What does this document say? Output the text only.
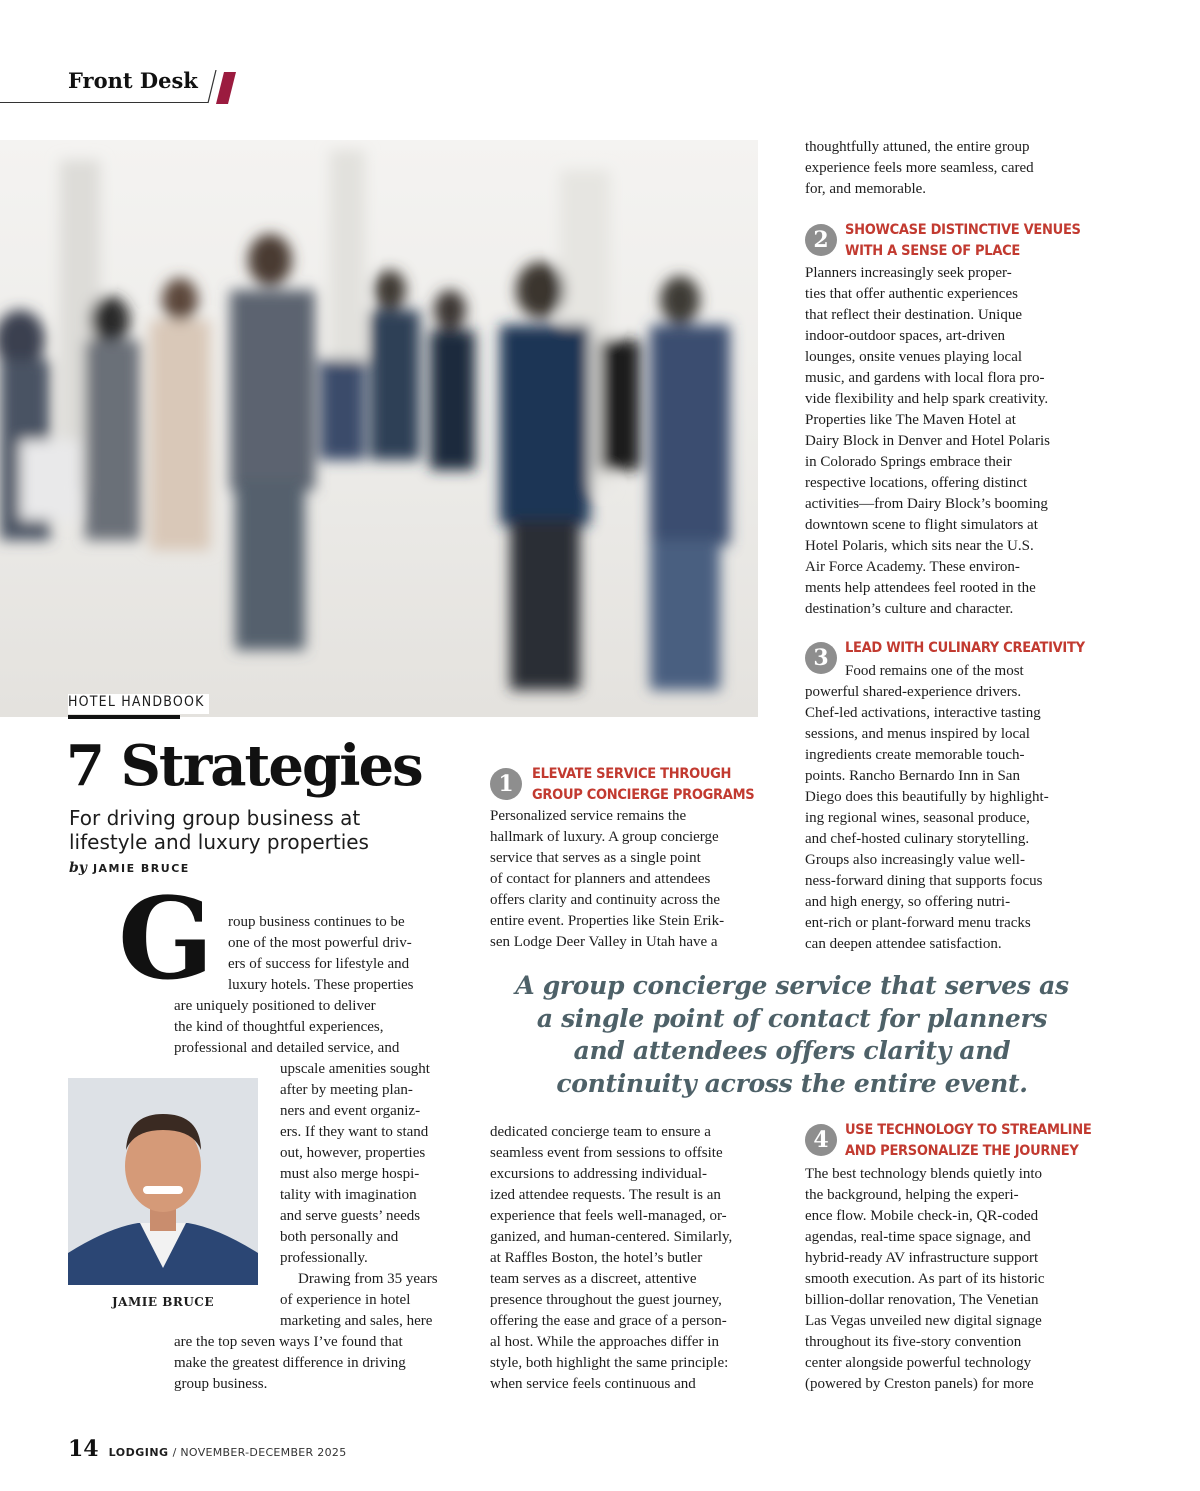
Front Desk
HOTEL HANDBOOK
7 Strategies
For driving group business at
lifestyle and luxury properties
by JAMIE BRUCE
G roup business continues to be
one of the most powerful driv-
ers of success for lifestyle and
luxury hotels. These properties
are uniquely positioned to deliver
the kind of thoughtful experiences,
professional and detailed service, and
upscale amenities sought
after by meeting plan-
ners and event organiz-
ers. If they want to stand
out, however, properties
must also merge hospi-
tality with imagination
and serve guests’ needs
both personally and
professionally.
Drawing from 35 years
of experience in hotel
marketing and sales, here
are the top seven ways I’ve found that
make the greatest difference in driving
group business.
JAMIE BRUCE
1	ELEVATE SERVICE THROUGH
GROUP CONCIERGE PROGRAMS
Personalized service remains the
hallmark of luxury. A group concierge
service that serves as a single point
of contact for planners and attendees
offers clarity and continuity across the
entire event. Properties like Stein Erik-
sen Lodge Deer Valley in Utah have a
dedicated concierge team to ensure a
seamless event from sessions to offsite
excursions to addressing individual-
ized attendee requests. The result is an
experience that feels well-managed, or-
ganized, and human-centered. Similarly,
at Raffles Boston, the hotel’s butler
team serves as a discreet, attentive
presence throughout the guest journey,
offering the ease and grace of a person-
al host. While the approaches differ in
style, both highlight the same principle:
when service feels continuous and
thoughtfully attuned, the entire group
experience feels more seamless, cared
for, and memorable.
2	SHOWCASE DISTINCTIVE VENUES
WITH A SENSE OF PLACE
Planners increasingly seek proper-
ties that offer authentic experiences
that reflect their destination. Unique
indoor-outdoor spaces, art-driven
lounges, onsite venues playing local
music, and gardens with local flora pro-
vide flexibility and help spark creativity.
Properties like The Maven Hotel at
Dairy Block in Denver and Hotel Polaris
in Colorado Springs embrace their
respective locations, offering distinct
activities—from Dairy Block’s booming
downtown scene to flight simulators at
Hotel Polaris, which sits near the U.S.
Air Force Academy. These environ-
ments help attendees feel rooted in the
destination’s culture and character.
3	LEAD WITH CULINARY CREATIVITY
Food remains one of the most
powerful shared-experience drivers.
Chef-led activations, interactive tasting
sessions, and menus inspired by local
ingredients create memorable touch-
points. Rancho Bernardo Inn in San
Diego does this beautifully by highlight-
ing regional wines, seasonal produce,
and chef-hosted culinary storytelling.
Groups also increasingly value well-
ness-forward dining that supports focus
and high energy, so offering nutri-
ent-rich or plant-forward menu tracks
can deepen attendee satisfaction.
4	USE TECHNOLOGY TO STREAMLINE
AND PERSONALIZE THE JOURNEY
The best technology blends quietly into
the background, helping the experi-
ence flow. Mobile check-in, QR-coded
agendas, real-time space signage, and
hybrid-ready AV infrastructure support
smooth execution. As part of its historic
billion-dollar renovation, The Venetian
Las Vegas unveiled new digital signage
throughout its five-story convention
center alongside powerful technology
(powered by Creston panels) for more
A group concierge service that serves as
a single point of contact for planners
and attendees offers clarity and
continuity across the entire event.
14 LODGING / NOVEMBER-DECEMBER 2025
